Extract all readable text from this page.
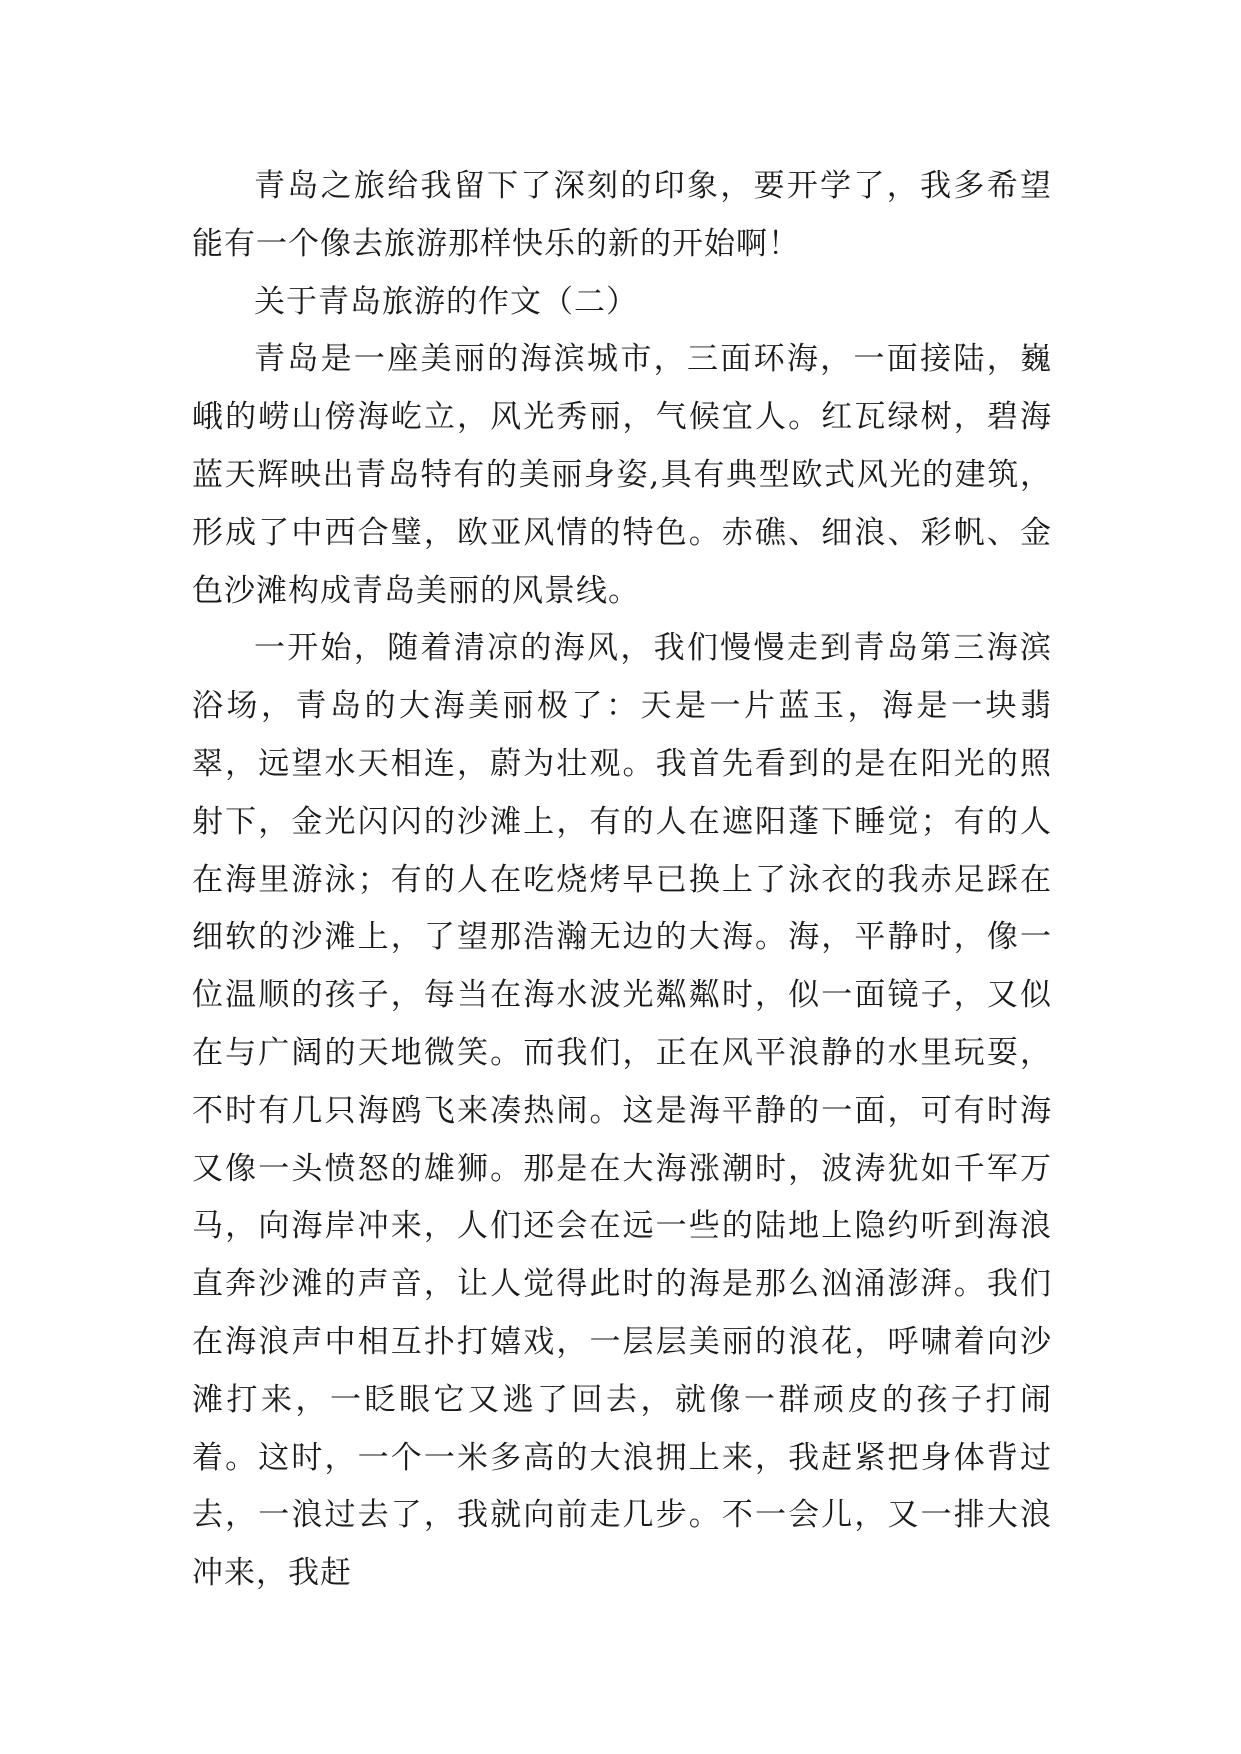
青岛之旅给我留下了深刻的印象，要开学了，我多希望能有一个像去旅游那样快乐的新的开始啊！

关于青岛旅游的作文（二）

青岛是一座美丽的海滨城市，三面环海，一面接陆，巍峨的崂山傍海屹立，风光秀丽，气候宜人。红瓦绿树，碧海蓝天辉映出青岛特有的美丽身姿,具有典型欧式风光的建筑，形成了中西合璧，欧亚风情的特色。赤礁、细浪、彩帆、金色沙滩构成青岛美丽的风景线。

一开始，随着清凉的海风，我们慢慢走到青岛第三海滨浴场，青岛的大海美丽极了：天是一片蓝玉，海是一块翡翠，远望水天相连，蔚为壮观。我首先看到的是在阳光的照射下，金光闪闪的沙滩上，有的人在遮阳蓬下睡觉；有的人在海里游泳；有的人在吃烧烤早已换上了泳衣的我赤足踩在细软的沙滩上，了望那浩瀚无边的大海。海，平静时，像一位温顺的孩子，每当在海水波光粼粼时，似一面镜子，又似在与广阔的天地微笑。而我们，正在风平浪静的水里玩耍，不时有几只海鸥飞来凑热闹。这是海平静的一面，可有时海又像一头愤怒的雄狮。那是在大海涨潮时，波涛犹如千军万马，向海岸冲来，人们还会在远一些的陆地上隐约听到海浪直奔沙滩的声音，让人觉得此时的海是那么汹涌澎湃。我们在海浪声中相互扑打嬉戏，一层层美丽的浪花，呼啸着向沙滩打来，一眨眼它又逃了回去，就像一群顽皮的孩子打闹着。这时，一个一米多高的大浪拥上来，我赶紧把身体背过去，一浪过去了，我就向前走几步。不一会儿，又一排大浪冲来，我赶
